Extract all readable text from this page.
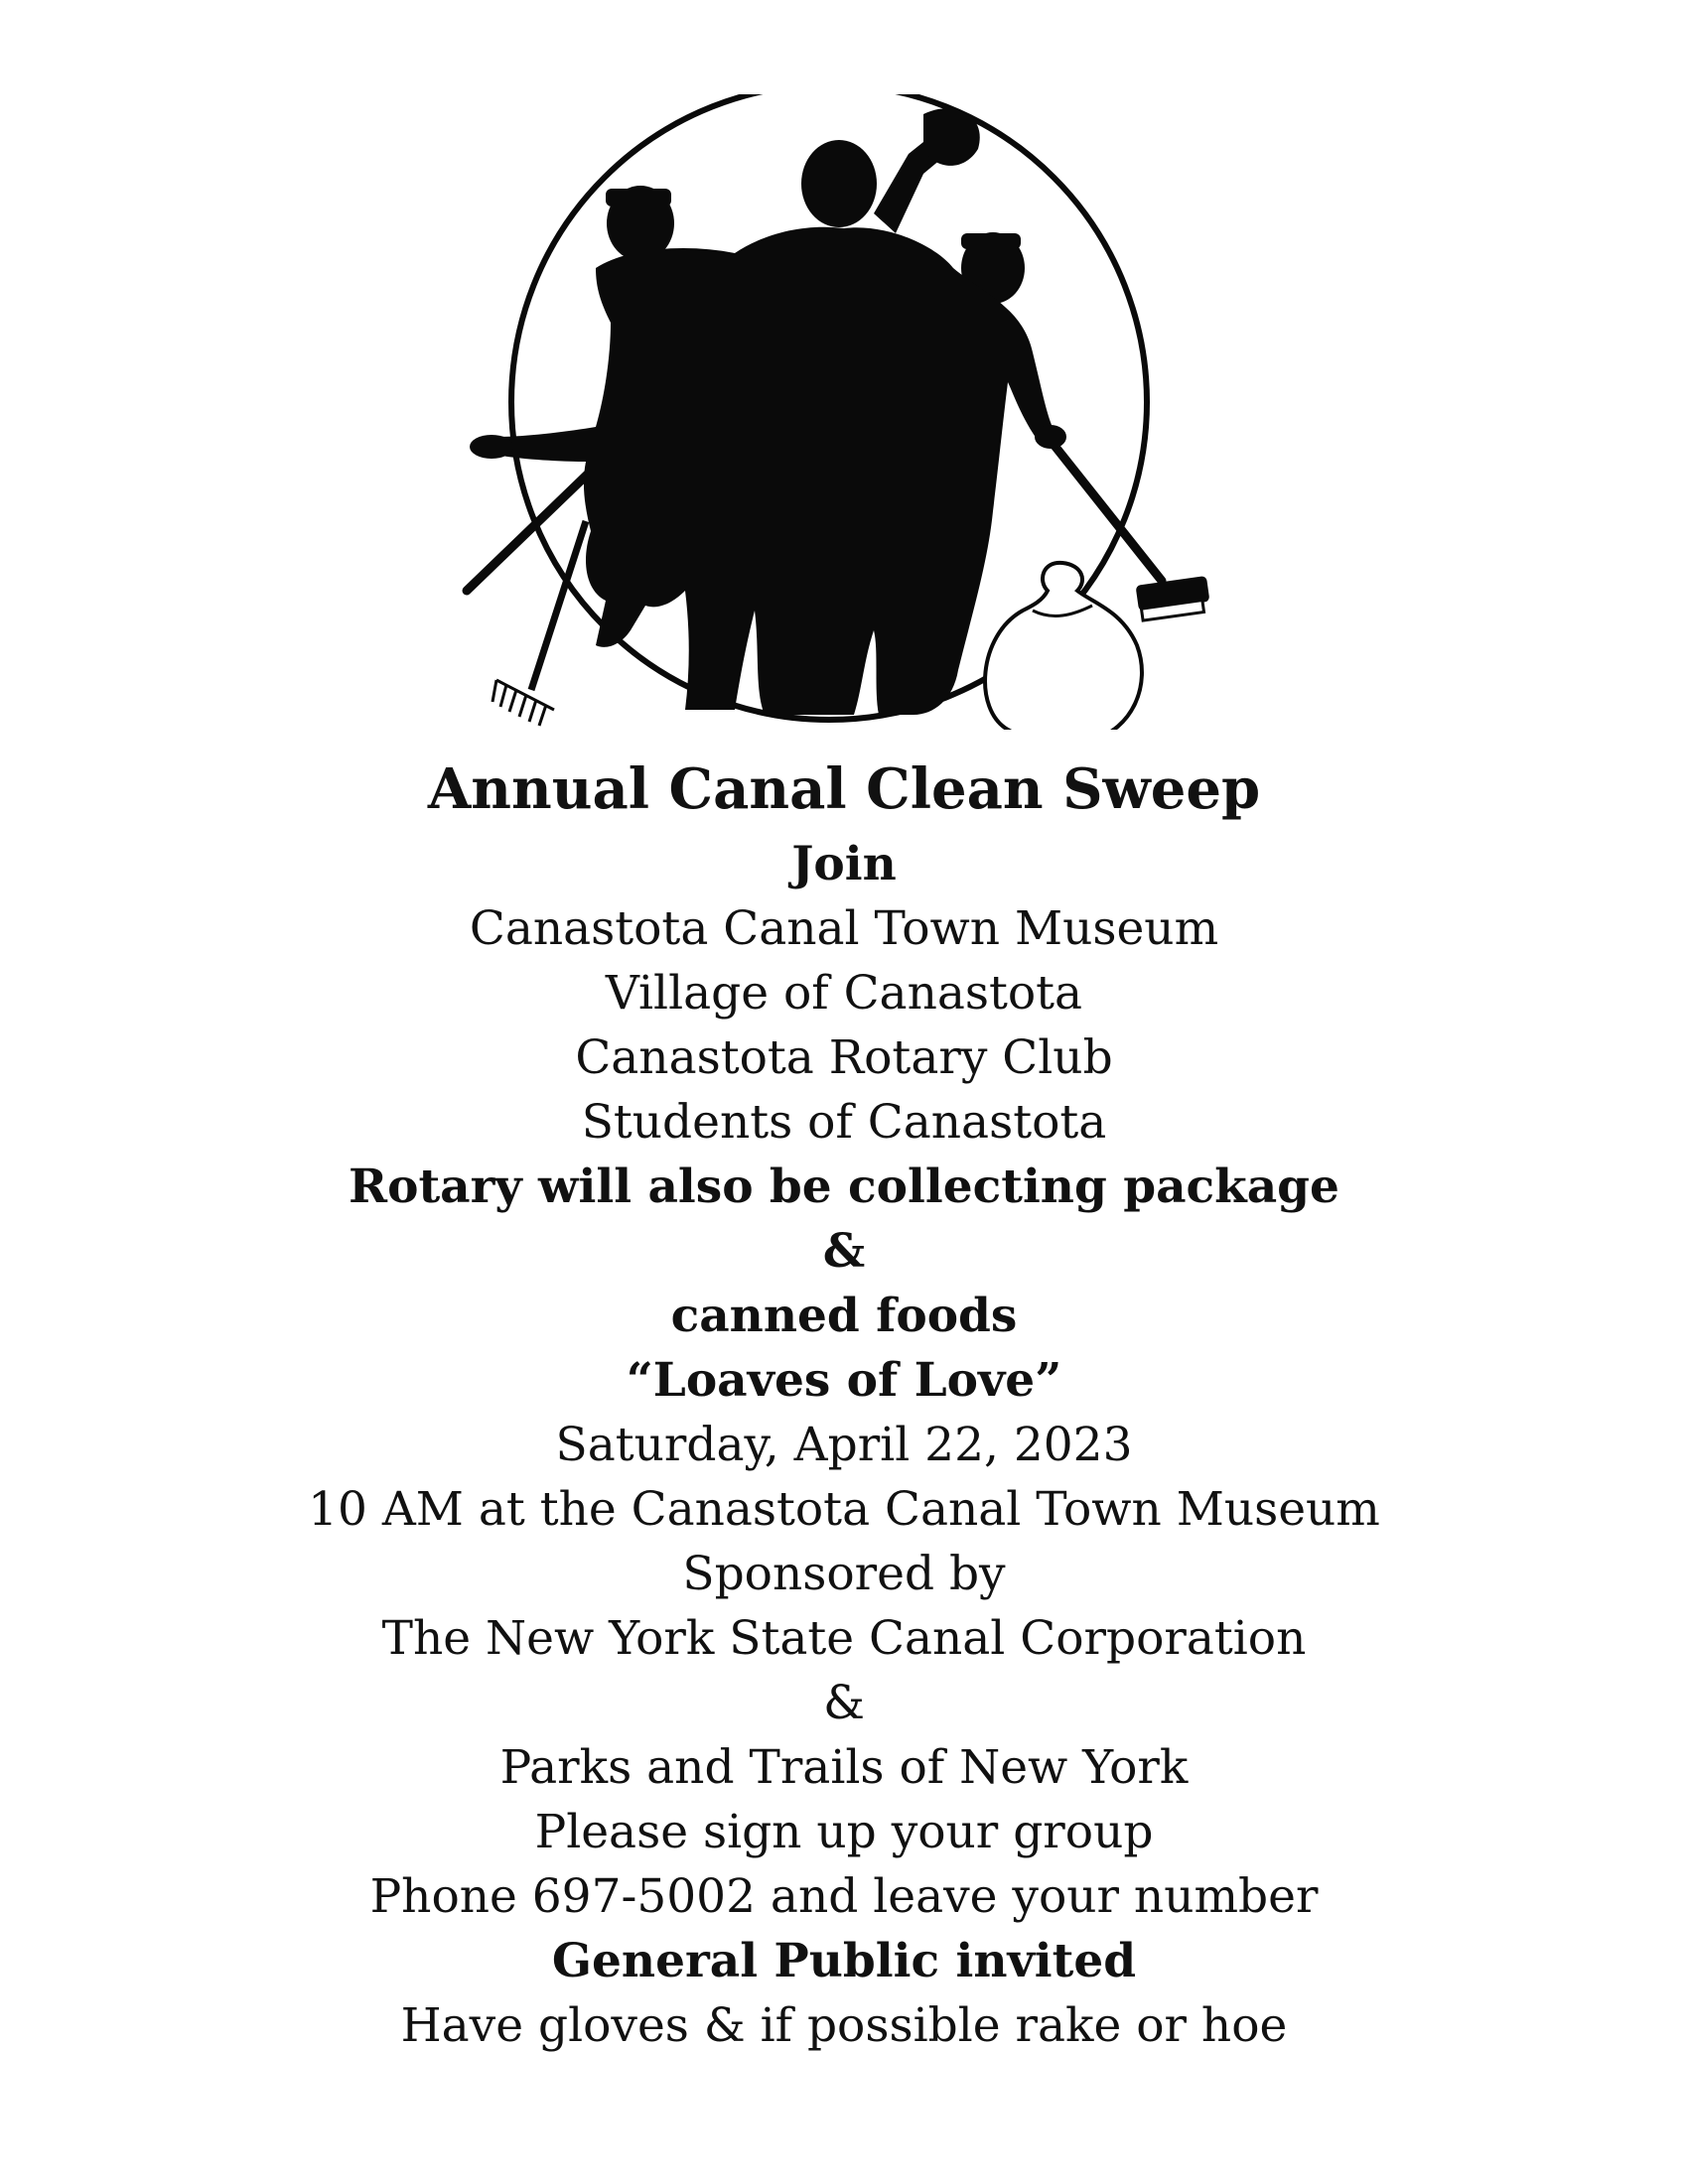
Annual Canal Clean Sweep
Join
Canastota Canal Town Museum
Village of Canastota
Canastota Rotary Club
Students of Canastota
Rotary will also be collecting package
&
canned foods
“Loaves of Love”
Saturday, April 22, 2023
10 AM at the Canastota Canal Town Museum
Sponsored by
The New York State Canal Corporation
&
Parks and Trails of New York
Please sign up your group
Phone 697-5002 and leave your number
General Public invited
Have gloves & if possible rake or hoe
